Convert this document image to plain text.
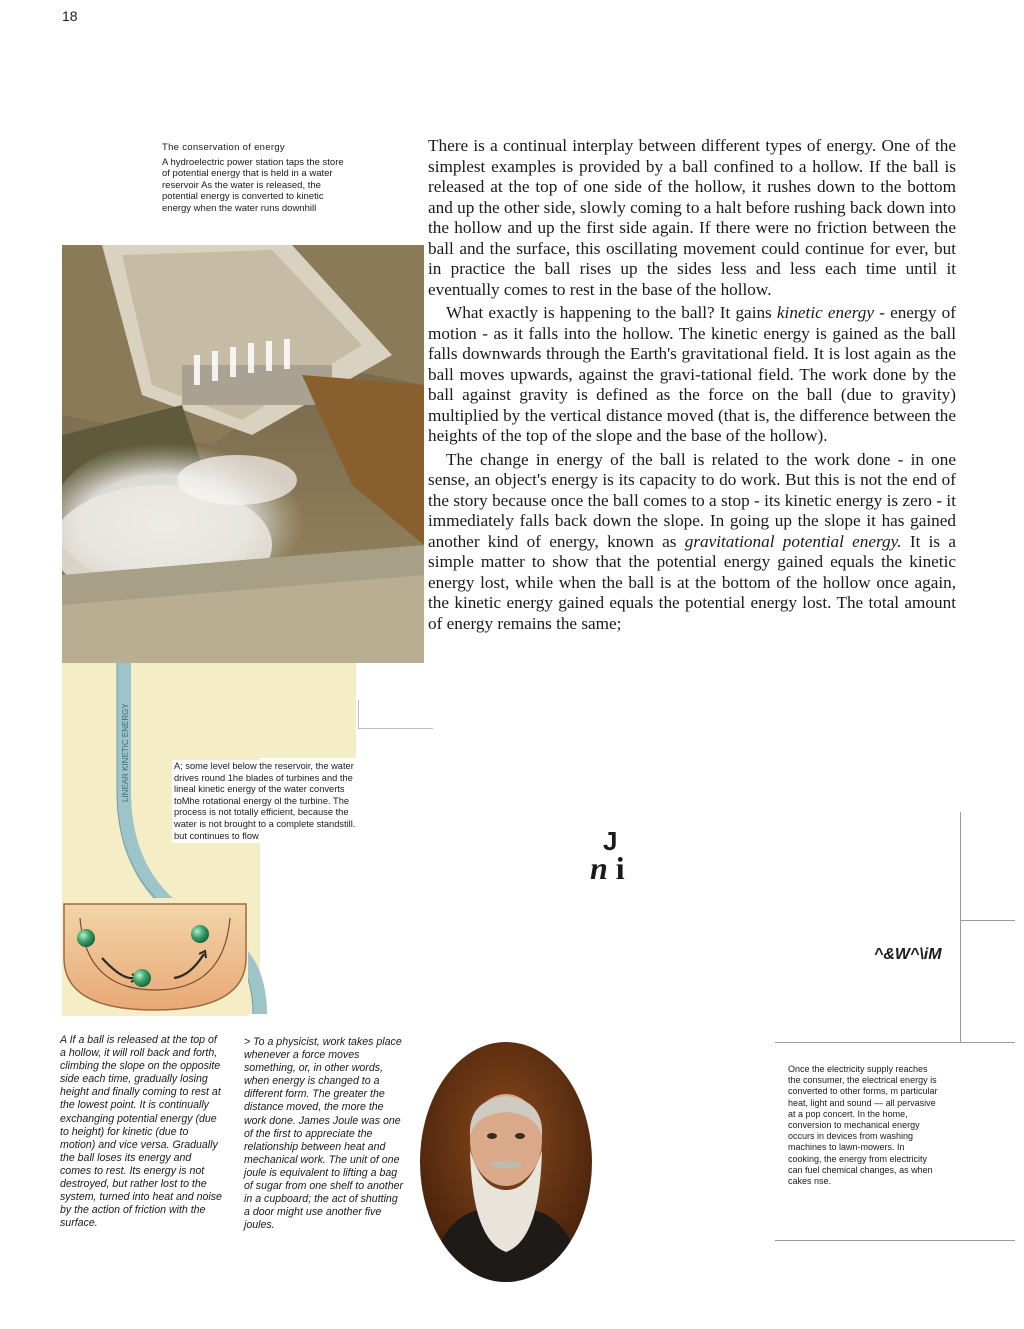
18
The conservation of energy
A hydroelectric power station taps the store of potential energy that is held in a water reservoir As the water is released, the potential energy is converted to kinetic energy when the water runs downhill

There is a continual interplay between different types of energy. One of the simplest examples is provided by a ball confined to a hollow. If the ball is released at the top of one side of the hollow, it rushes down to the bottom and up the other side, slowly coming to a halt before rushing back down into the hollow and up the first side again. If there were no friction between the ball and the surface, this oscillating movement could continue for ever, but in practice the ball rises up the sides less and less each time until it eventually comes to rest in the base of the hollow.

What exactly is happening to the ball? It gains kinetic energy - energy of motion - as it falls into the hollow. The kinetic energy is gained as the ball falls downwards through the Earth's gravitational field. It is lost again as the ball moves upwards, against the gravi-tational field. The work done by the ball against gravity is defined as the force on the ball (due to gravity) multiplied by the vertical distance moved (that is, the difference between the heights of the top of the slope and the base of the hollow).

The change in energy of the ball is related to the work done - in one sense, an object's energy is its capacity to do work. But this is not the end of the story because once the ball comes to a stop - its kinetic energy is zero - it immediately falls back down the slope. In going up the slope it has gained another kind of energy, known as gravitational potential energy. It is a simple matter to show that the potential energy gained equals the kinetic energy lost, while when the ball is at the bottom of the hollow once again, the kinetic energy gained equals the potential energy lost. The total amount of energy remains the same;

LINEAR KINETIC ENERGY	A; some level below the reservoir, the water drives round 1he blades of turbines and the lineal kinetic energy of the water converts toMhe rotational energy ol the turbine. The process is not totally efficient, because the water is not brought to a complete standstill. but continues to flow	J
n i
^&W^\iM
A If a ball is released at the top of a hollow, it will roll back and forth, climbing the slope on the opposite side each time, gradually losing height and finally coming to rest at the lowest point. It is continually exchanging potential energy (due to height) for kinetic (due to motion) and vice versa. Gradually the ball loses its energy and comes to rest. Its energy is not destroyed, but rather lost to the system, turned into heat and noise by the action of friction with the surface.
> To a physicist, work takes place whenever a force moves something, or, in other words, when energy is changed to a different form. The greater the distance moved, the more the work done. James Joule was one of the first to appreciate the relationship between heat and mechanical work. The unit of one joule is equivalent to lifting a bag of sugar from one shelf to another in a cupboard; the act of shutting a door might use another five joules.
Once the electricity supply reaches the consumer, the electrical energy is converted to other forms, m particular heat, light and sound — all pervasive at a pop concert. In the home, conversion to mechanical energy occurs in devices from washing machines to lawn-mowers. In cooking, the energy from electricity can fuel chemical changes, as when cakes nse.
